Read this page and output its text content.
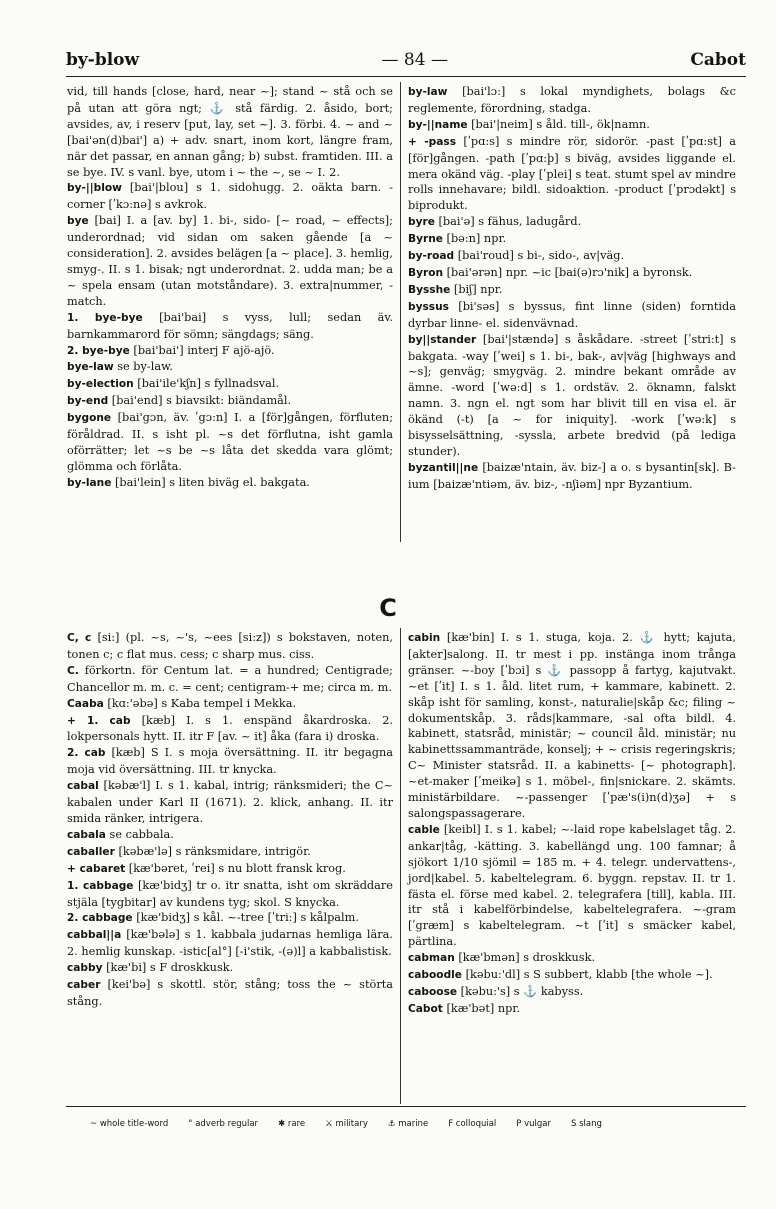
by-blow	— 84 —	Cabot

vid, till hands [close, hard, near ~]; stand ~ stå och se på utan att göra ngt; ⚓ stå färdig. 2. åsido, bort; avsides, av, i reserv [put, lay, set ~]. 3. förbi. 4. ~ and ~ [bai'ən(d)bai'] a) + adv. snart, inom kort, längre fram, när det passar, en annan gång; b) subst. framtiden. III. a se bye. IV. s vanl. bye, utom i ~ the ~, se ~ I. 2.

by-||blow [bai'|blou] s 1. sidohugg. 2. oäkta barn. -corner [ʹkɔ:nə] s avkrok.

bye [bai] I. a [av. by] 1. bi-, sido- [~ road, ~ effects]; underordnad; vid sidan om saken gående [a ~ consideration]. 2. avsides belägen [a ~ place]. 3. hemlig, smyg-. II. s 1. bisak; ngt underordnat. 2. udda man; be a ~ spela ensam (utan motståndare). 3. extra|nummer, -match.

1. bye-bye [bai'bai] s vyss, lull; sedan äv. barnkammarord för sömn; sängdags; säng.

2. bye-bye [bai'bai'] interj F ajö-ajö.

bye-law se by-law.

by-election [bai'ile'kʃn] s fyllnadsval.

by-end [bai'end] s biavsikt: biändamål.

bygone [bai'gɔn, äv. ʹgɔ:n] I. a [för]gången, förfluten; föråldrad. II. s isht pl. ~s det förflutna, isht gamla oförrätter; let ~s be ~s låta det skedda vara glömt; glömma och förlåta.

by-lane [bai'lein] s liten biväg el. bakgata.

by-law [bai'lɔ:] s lokal myndighets, bolags &c reglemente, förordning, stadga.

by-||name [bai'|neim] s åld. till-, ök|namn.

+ -pass [ʹpɑ:s] s mindre rör, sidorör. -past [ʹpɑ:st] a [för]gången. -path [ʹpɑ:þ] s biväg, avsides liggande el. mera okänd väg. -play [ʹplei] s teat. stumt spel av mindre rolls innehavare; bildl. sidoaktion. -product [ʹprɔdəkt] s biprodukt.

byre [bai'ə] s fähus, ladugård.

Byrne [bə:n] npr.

by-road [bai'roud] s bi-, sido-, av|väg.

Byron [bai'ərən] npr. ~ic [bai(ə)rɔ'nik] a byronsk.

Bysshe [biʃ] npr.

byssus [bi'səs] s byssus, fint linne (siden) forntida dyrbar linne- el. sidenvävnad.

by||stander [bai'|stændə] s åskådare. -street [ʹstri:t] s bakgata. -way [ʹwei] s 1. bi-, bak-, av|väg [highways and ~s]; genväg; smygväg. 2. mindre bekant område av ämne. -word [ʹwə:d] s 1. ordstäv. 2. öknamn, falskt namn. 3. ngn el. ngt som har blivit till en visa el. är ökänd (-t) [a ~ for iniquity]. -work [ʹwə:k] s bisysselsättning, -syssla, arbete bredvid (på lediga stunder).

byzantil||ne [baizæ'ntain, äv. biz-] a o. s bysantin[sk]. B-ium [baizæ'ntiəm, äv. biz-, -nʃiəm] npr Byzantium.

C

C, c [si:] (pl. ~s, ~'s, ~ees [si:z]) s bokstaven, noten, tonen c; c flat mus. cess; c sharp mus. ciss.

C. förkortn. för Centum lat. = a hundred; Centigrade; Chancellor m. m. c. = cent; centigram-+ me; circa m. m.

Caaba [kɑ:'əbə] s Kaba tempel i Mekka.

+ 1. cab [kæb] I. s 1. enspänd åkardroska. 2. lokpersonals hytt. II. itr F [av. ~ it] åka (fara i) droska.

2. cab [kæb] S I. s moja översättning. II. itr begagna moja vid översättning. III. tr knycka.

cabal [kəbæ'l] I. s 1. kabal, intrig; ränksmideri; the C~ kabalen under Karl II (1671). 2. klick, anhang. II. itr smida ränker, intrigera.

cabala se cabbala.

caballer [kəbæ'lə] s ränksmidare, intrigör.

+ cabaret [kæ'bəret, ʹrei] s nu blott fransk krog.

1. cabbage [kæ'bidʒ] tr o. itr snatta, isht om skräddare stjäla [tygbitar] av kundens tyg; skol. S knycka.

2. cabbage [kæ'bidʒ] s kål. ~-tree [ʹtri:] s kålpalm.

cabbal||a [kæ'bələ] s 1. kabbala judarnas hemliga lära. 2. hemlig kunskap. -istic[al°] [-i'stik, -(ə)l] a kabbalistisk.

cabby [kæ'bi] s F droskkusk.

caber [kei'bə] s skottl. stör, stång; toss the ~ störta stång.

cabin [kæ'bin] I. s 1. stuga, koja. 2. ⚓ hytt; kajuta, [akter]salong. II. tr mest i pp. instänga inom trånga gränser. ~-boy [ʹbɔi] s ⚓ passopp å fartyg, kajutvakt. ~et [ʹit] I. s 1. åld. litet rum, + kammare, kabinett. 2. skåp isht för samling, konst-, naturalie|skåp &c; filing ~ dokumentskåp. 3. råds|kammare, -sal ofta bildl. 4. kabinett, statsråd, ministär; ~ council åld. ministär; nu kabinettssammanträde, konselj; + ~ crisis regeringskris; C~ Minister statsråd. II. a kabinetts- [~ photograph]. ~et-maker [ʹmeikə] s 1. möbel-, fin|snickare. 2. skämts. ministärbildare. ~-passenger [ʹpæ's(i)n(d)ʒə] + s salongspassagerare.

cable [keibl] I. s 1. kabel; ~-laid rope kabelslaget tåg. 2. ankar|tåg, -kätting. 3. kabellängd ung. 100 famnar; å sjökort 1/10 sjömil = 185 m. + 4. telegr. undervattens-, jord|kabel. 5. kabeltelegram. 6. byggn. repstav. II. tr 1. fästa el. förse med kabel. 2. telegrafera [till], kabla. III. itr stå i kabelförbindelse, kabeltelegrafera. ~-gram [ʹgræm] s kabeltelegram. ~t [ʹit] s smäcker kabel, pärtlina.

cabman [kæ'bmən] s droskkusk.

caboodle [kəbu:'dl] s S subbert, klabb [the whole ~].

caboose [kəbu:'s] s ⚓ kabyss.

Cabot [kæ'bət] npr.

~ whole title-word ° adverb regular ✱ rare ⚔ military ⚓ marine F colloquial P vulgar S slang
